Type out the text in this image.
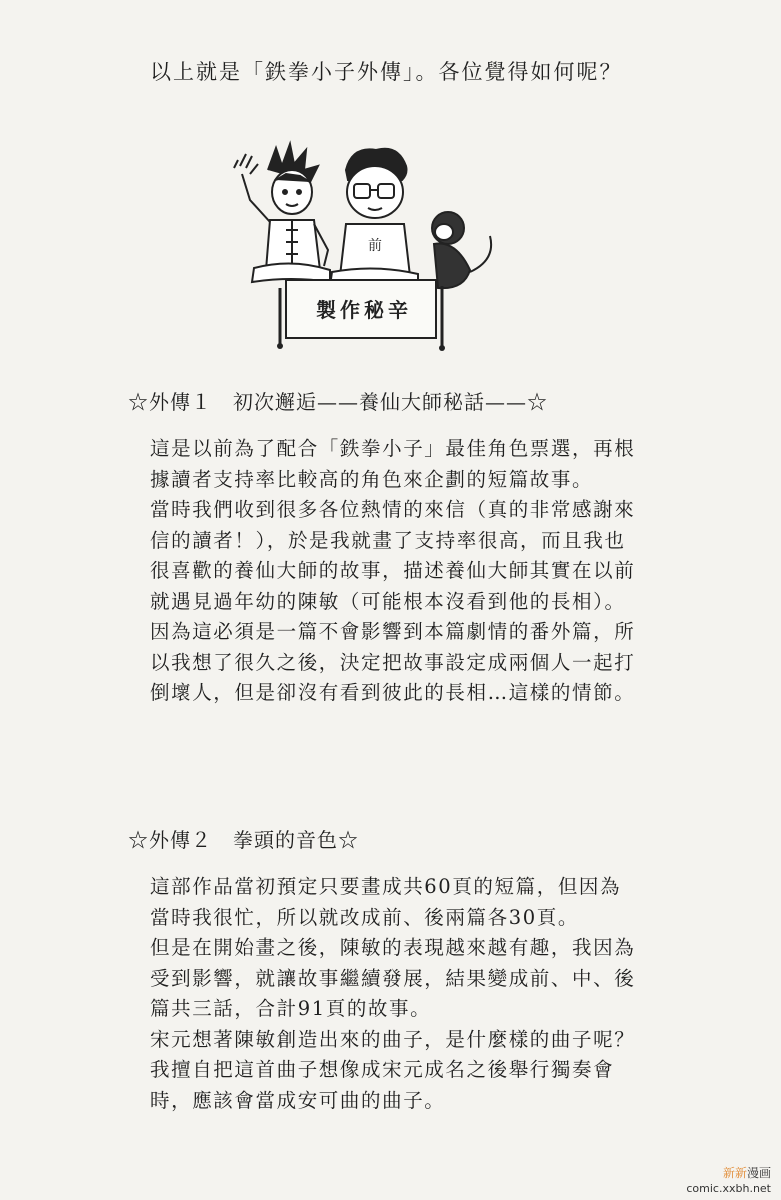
以上就是「鉄拳小子外傳」。各位覺得如何呢？
前
製作秘辛
☆外傳１　初次邂逅——養仙大師秘話——☆

這是以前為了配合「鉄拳小子」最佳角色票選，再根據讀者支持率比較高的角色來企劃的短篇故事。

當時我們收到很多各位熱情的來信（真的非常感謝來信的讀者！），於是我就畫了支持率很高，而且我也很喜歡的養仙大師的故事，描述養仙大師其實在以前就遇見過年幼的陳敏（可能根本沒看到他的長相）。

因為這必須是一篇不會影響到本篇劇情的番外篇，所以我想了很久之後，決定把故事設定成兩個人一起打倒壞人，但是卻沒有看到彼此的長相…這樣的情節。

☆外傳２　拳頭的音色☆

這部作品當初預定只要畫成共60頁的短篇，但因為當時我很忙，所以就改成前、後兩篇各30頁。

但是在開始畫之後，陳敏的表現越來越有趣，我因為受到影響，就讓故事繼續發展，結果變成前、中、後篇共三話，合計91頁的故事。

宋元想著陳敏創造出來的曲子，是什麼樣的曲子呢？我擅自把這首曲子想像成宋元成名之後舉行獨奏會時，應該會當成安可曲的曲子。

新新漫画
comic.xxbh.net
